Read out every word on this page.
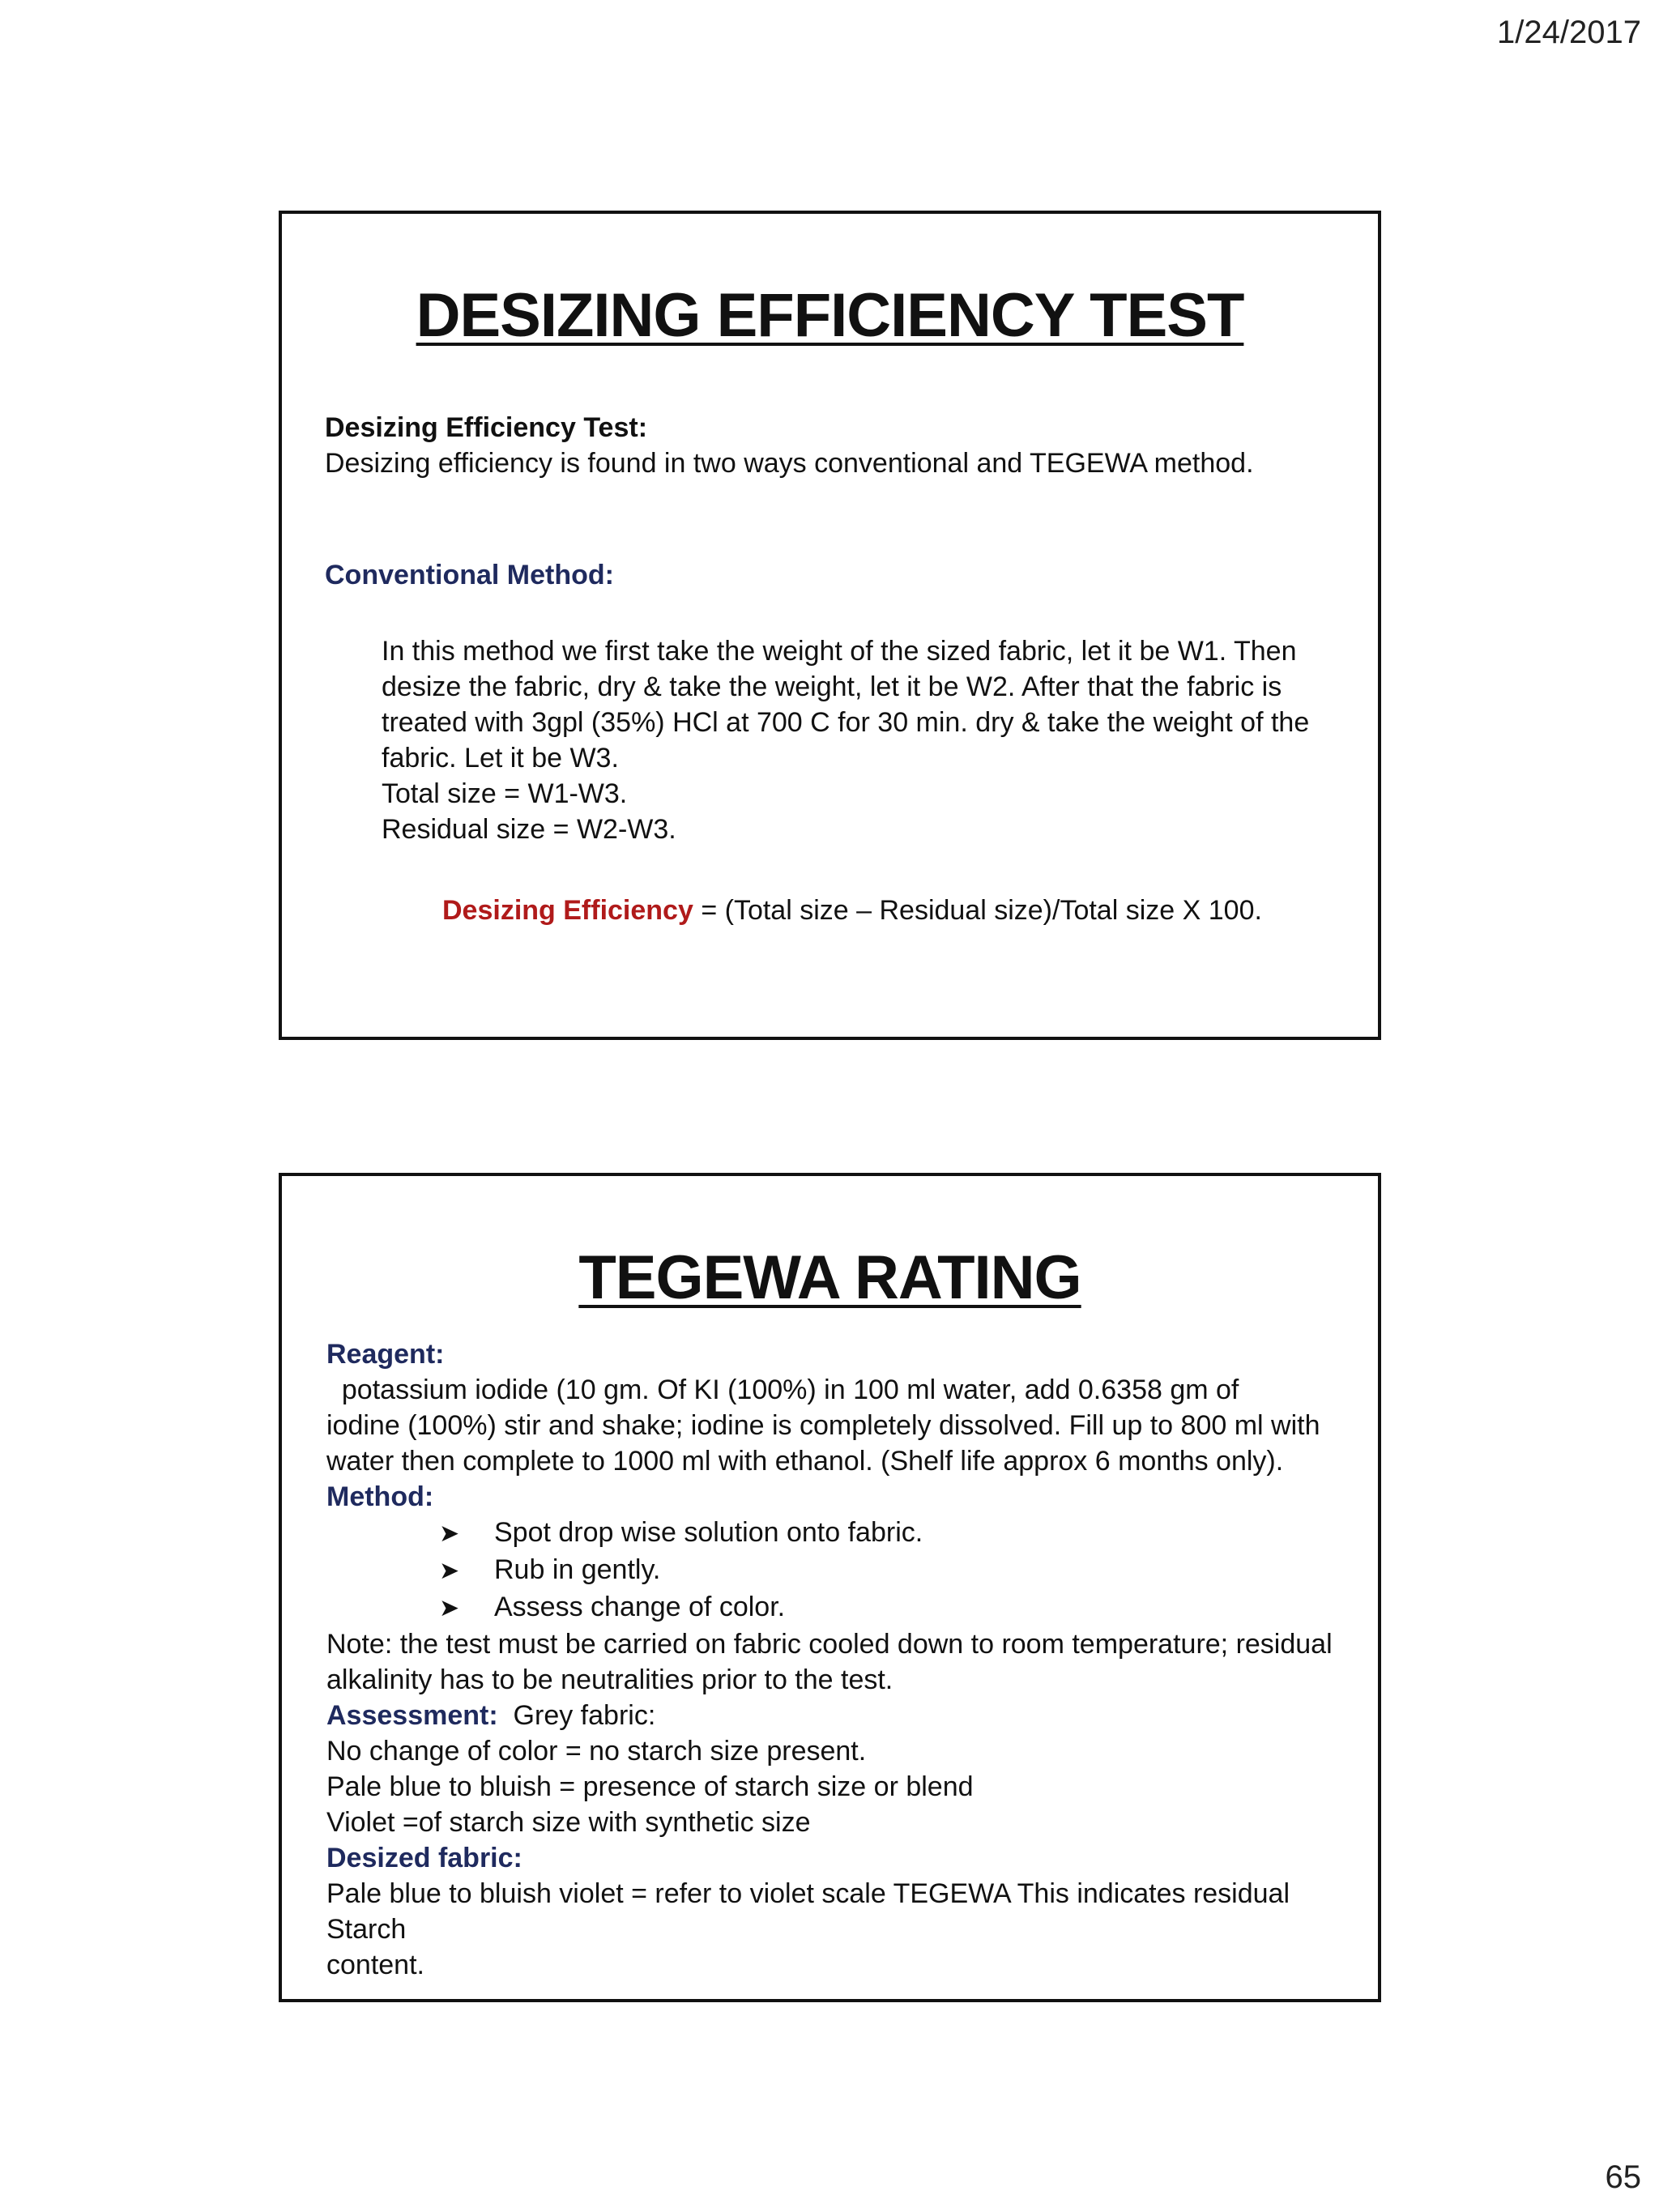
1/24/2017
DESIZING EFFICIENCY TEST
Desizing Efficiency Test:
Desizing efficiency is found in two ways conventional and TEGEWA method.
Conventional Method:
In this method we first take the weight of the sized fabric, let it be W1. Then
desize the fabric, dry & take the weight, let it be W2. After that the fabric is
treated with 3gpl (35%) HCl at 700 C for 30 min. dry & take the weight of the
fabric. Let it be W3.
Total size = W1-W3.
Residual size = W2-W3.
Desizing Efficiency = (Total size – Residual size)/Total size X 100.
TEGEWA RATING
Reagent:  potassium iodide (10 gm. Of KI (100%) in 100 ml water, add 0.6358 gm of
iodine (100%) stir and shake; iodine is completely dissolved. Fill up to 800 ml with
water then complete to 1000 ml with ethanol. (Shelf life approx 6 months only).
Method:
➤	Spot drop wise solution onto fabric.
➤	Rub in gently.
➤	Assess change of color.
Note: the test must be carried on fabric cooled down to room temperature; residual
alkalinity has to be neutralities prior to the test.
Assessment:  Grey fabric:
No change of color = no starch size present.
Pale blue to bluish = presence of starch size or blend
Violet =of starch size with synthetic size
Desized fabric:
Pale blue to bluish violet = refer to violet scale TEGEWA This indicates residual Starch
content.
65
